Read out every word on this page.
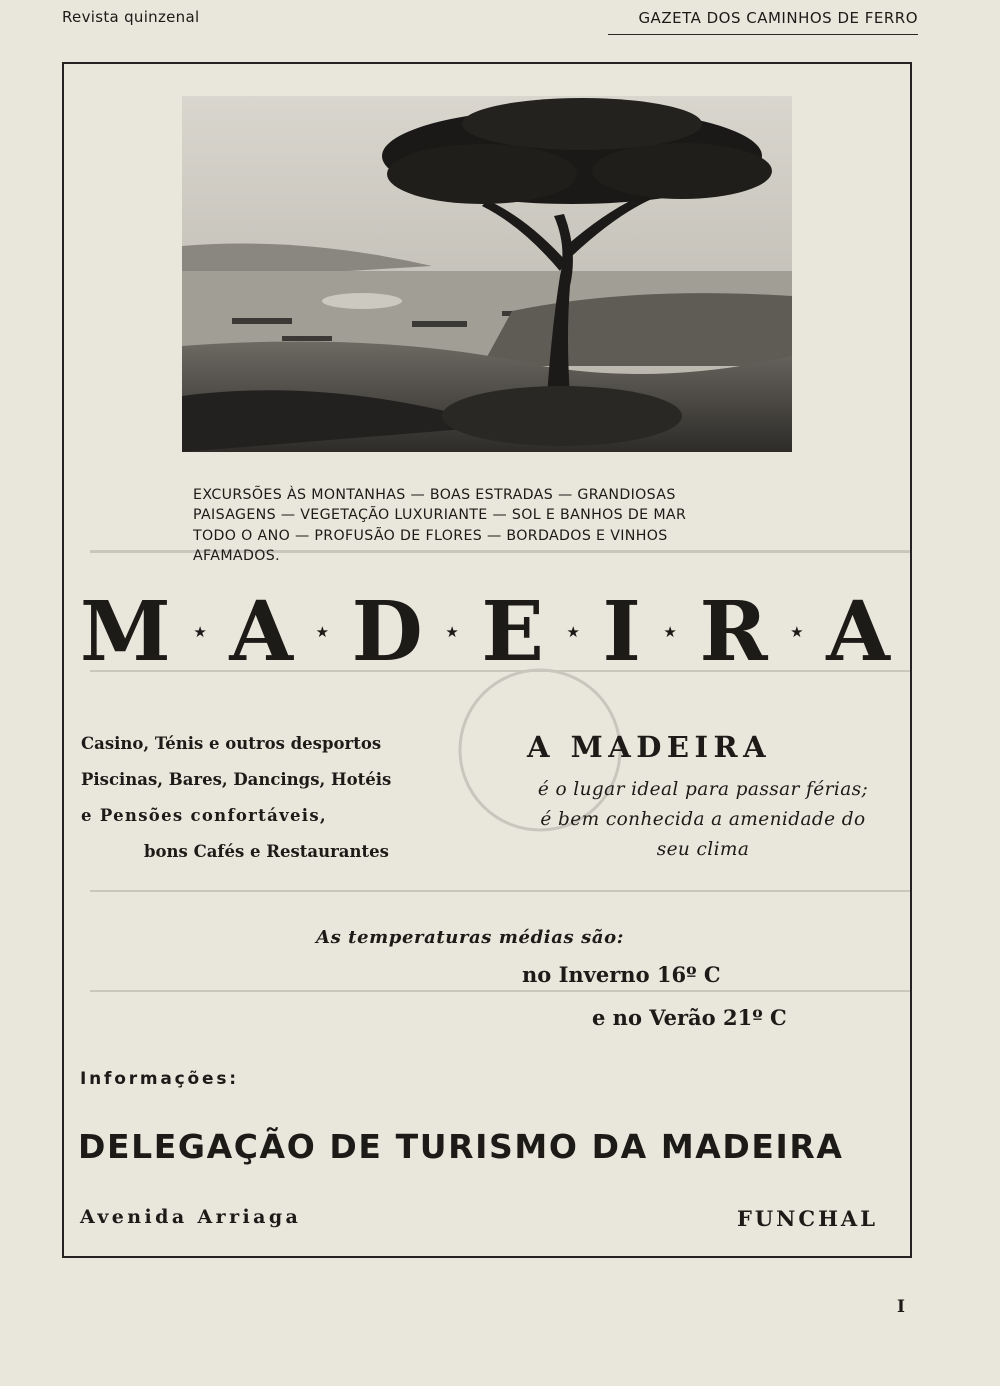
Revista quinzenal	GAZETA DOS CAMINHOS DE FERRO
EXCURSÕES ÀS MONTANHAS — BOAS ESTRADAS — GRANDIOSAS
PAISAGENS — VEGETAÇÃO LUXURIANTE — SOL E BANHOS DE MAR
TODO O ANO — PROFUSÃO DE FLORES — BORDADOS E VINHOS
AFAMADOS.
M ★ A ★ D ★ E ★ I ★ R ★ A
Casino, Ténis e outros desportos
Piscinas, Bares, Dancings, Hotéis
e Pensões confortáveis,
bons Cafés e Restaurantes
A MADEIRA
é o lugar ideal para passar férias;
é bem conhecida a amenidade do
seu clima
As temperaturas médias são:
no Inverno 16º C
e no Verão 21º C
Informações:
DELEGAÇÃO DE TURISMO DA MADEIRA
Avenida Arriaga	FUNCHAL
I
